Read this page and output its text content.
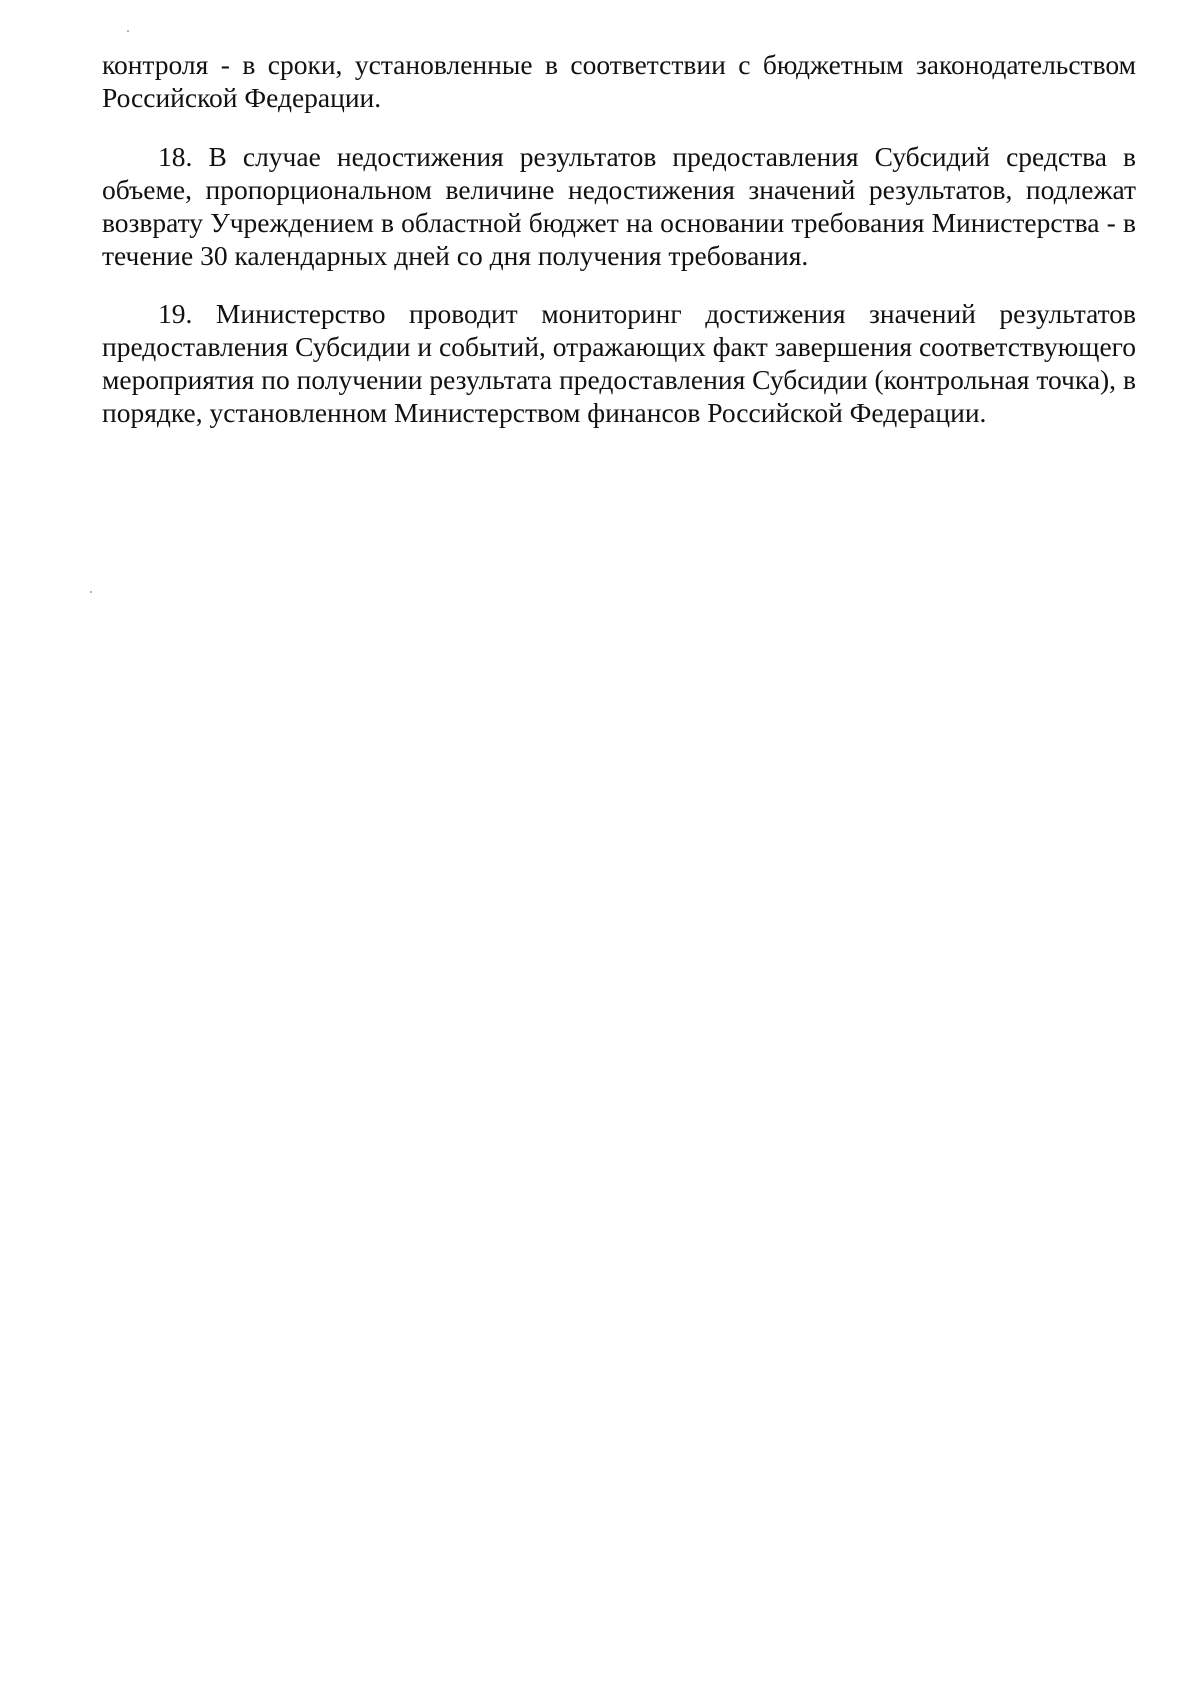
контроля - в сроки, установленные в соответствии с бюджетным законодательством Российской Федерации.

18. В случае недостижения результатов предоставления Субсидий средства в объеме, пропорциональном величине недостижения значений результатов, подлежат возврату Учреждением в областной бюджет на основании требования Министерства - в течение 30 календарных дней со дня получения требования.

19. Министерство проводит мониторинг достижения значений результатов предоставления Субсидии и событий, отражающих факт завершения соответствующего мероприятия по получении результата предоставления Субсидии (контрольная точка), в порядке, установленном Министерством финансов Российской Федерации.
